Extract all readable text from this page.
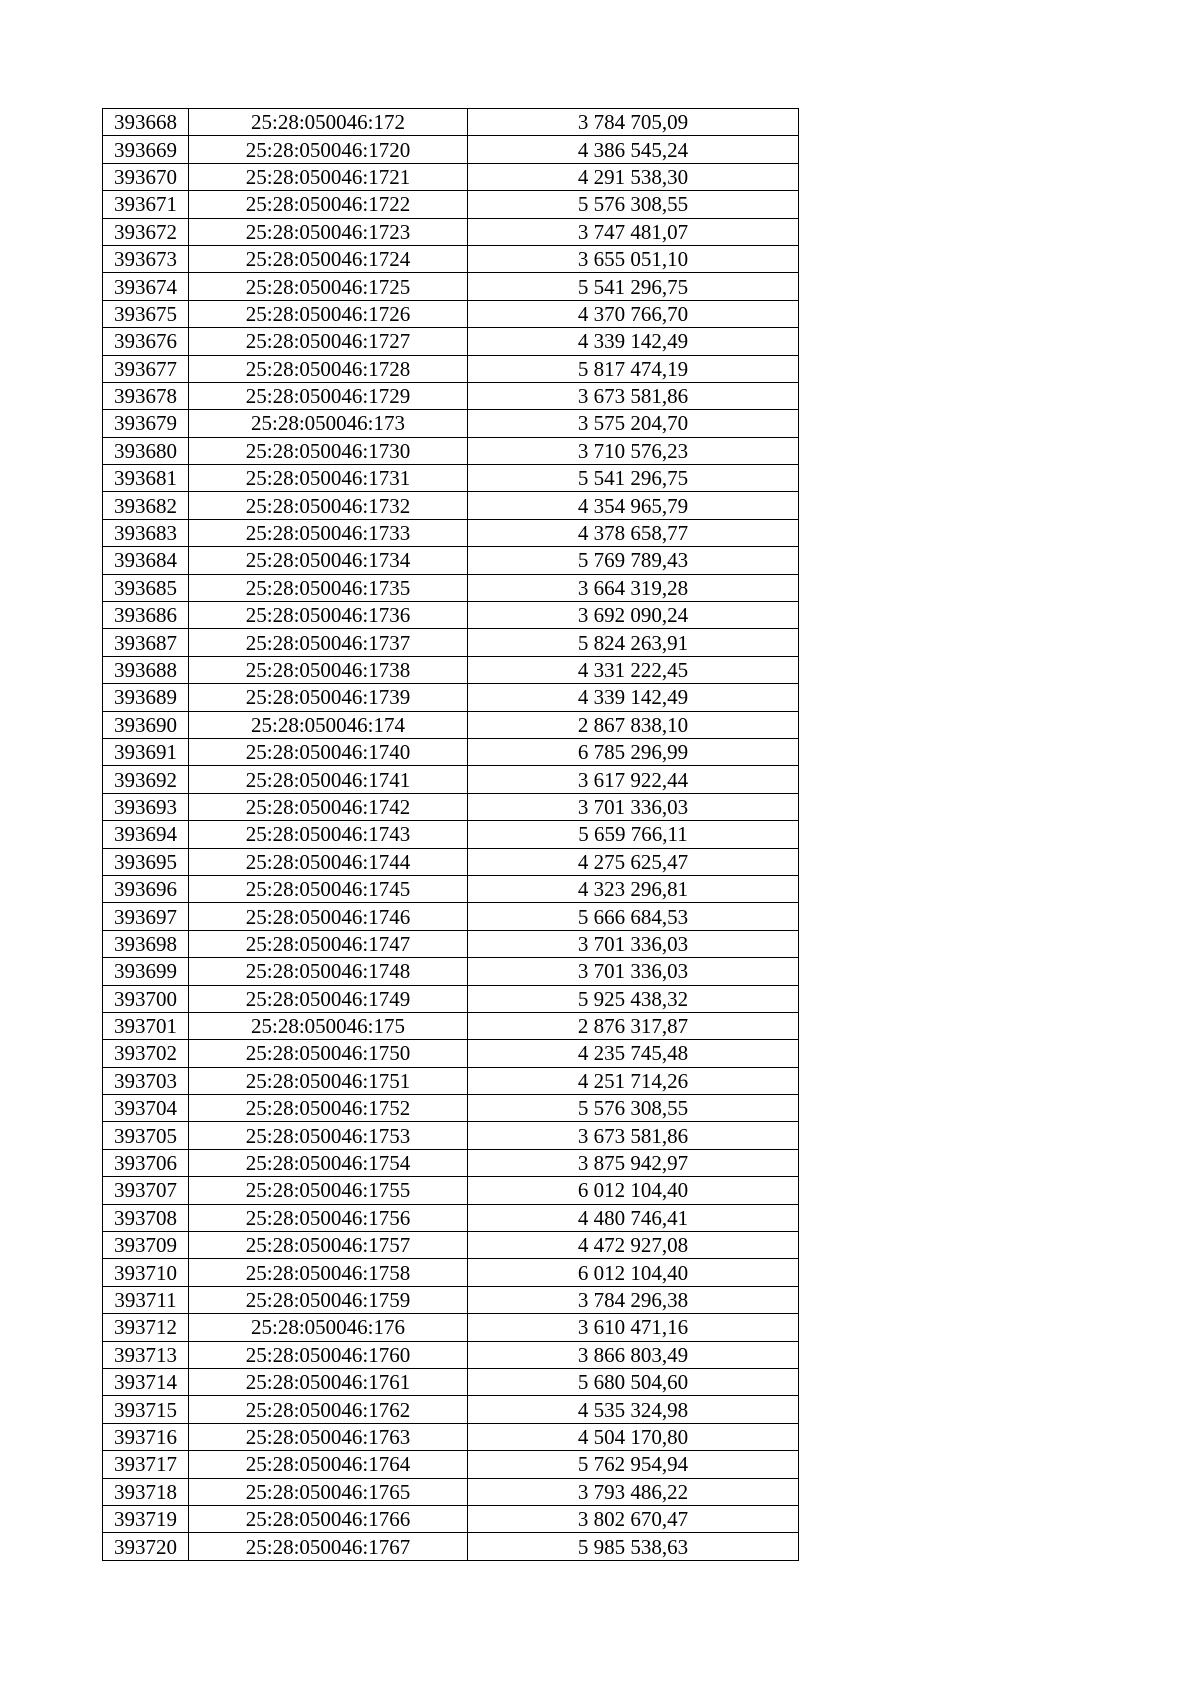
393668	25:28:050046:172	3 784 705,09
393669	25:28:050046:1720	4 386 545,24
393670	25:28:050046:1721	4 291 538,30
393671	25:28:050046:1722	5 576 308,55
393672	25:28:050046:1723	3 747 481,07
393673	25:28:050046:1724	3 655 051,10
393674	25:28:050046:1725	5 541 296,75
393675	25:28:050046:1726	4 370 766,70
393676	25:28:050046:1727	4 339 142,49
393677	25:28:050046:1728	5 817 474,19
393678	25:28:050046:1729	3 673 581,86
393679	25:28:050046:173	3 575 204,70
393680	25:28:050046:1730	3 710 576,23
393681	25:28:050046:1731	5 541 296,75
393682	25:28:050046:1732	4 354 965,79
393683	25:28:050046:1733	4 378 658,77
393684	25:28:050046:1734	5 769 789,43
393685	25:28:050046:1735	3 664 319,28
393686	25:28:050046:1736	3 692 090,24
393687	25:28:050046:1737	5 824 263,91
393688	25:28:050046:1738	4 331 222,45
393689	25:28:050046:1739	4 339 142,49
393690	25:28:050046:174	2 867 838,10
393691	25:28:050046:1740	6 785 296,99
393692	25:28:050046:1741	3 617 922,44
393693	25:28:050046:1742	3 701 336,03
393694	25:28:050046:1743	5 659 766,11
393695	25:28:050046:1744	4 275 625,47
393696	25:28:050046:1745	4 323 296,81
393697	25:28:050046:1746	5 666 684,53
393698	25:28:050046:1747	3 701 336,03
393699	25:28:050046:1748	3 701 336,03
393700	25:28:050046:1749	5 925 438,32
393701	25:28:050046:175	2 876 317,87
393702	25:28:050046:1750	4 235 745,48
393703	25:28:050046:1751	4 251 714,26
393704	25:28:050046:1752	5 576 308,55
393705	25:28:050046:1753	3 673 581,86
393706	25:28:050046:1754	3 875 942,97
393707	25:28:050046:1755	6 012 104,40
393708	25:28:050046:1756	4 480 746,41
393709	25:28:050046:1757	4 472 927,08
393710	25:28:050046:1758	6 012 104,40
393711	25:28:050046:1759	3 784 296,38
393712	25:28:050046:176	3 610 471,16
393713	25:28:050046:1760	3 866 803,49
393714	25:28:050046:1761	5 680 504,60
393715	25:28:050046:1762	4 535 324,98
393716	25:28:050046:1763	4 504 170,80
393717	25:28:050046:1764	5 762 954,94
393718	25:28:050046:1765	3 793 486,22
393719	25:28:050046:1766	3 802 670,47
393720	25:28:050046:1767	5 985 538,63
